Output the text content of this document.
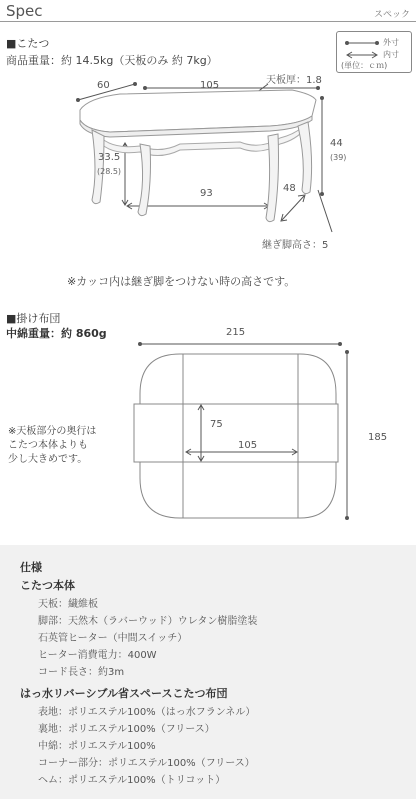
Spec	スペック
■こたつ
商品重量：約 14.5kg（天板のみ 約 7kg）
外寸
内寸
(単位：ｃｍ)
60	105	天板厚：1.8
44
(39)
33.5
(28.5)
93	48
継ぎ脚高さ：5
※カッコ内は継ぎ脚をつけない時の高さです。
■掛け布団
中綿重量：約 860g	215
185
75
105
※天板部分の奥行は
こたつ本体よりも
少し大きめです。
仕様
こたつ本体
天板：繊維板
脚部：天然木（ラバーウッド）ウレタン樹脂塗装
石英管ヒーター（中間スイッチ）
ヒーター消費電力：400W
コード長さ：約3m
はっ水リバーシブル省スペースこたつ布団
表地：ポリエステル100%（はっ水フランネル）
裏地：ポリエステル100%（フリース）
中綿：ポリエステル100%
コーナー部分：ポリエステル100%（フリース）
ヘム：ポリエステル100%（トリコット）
